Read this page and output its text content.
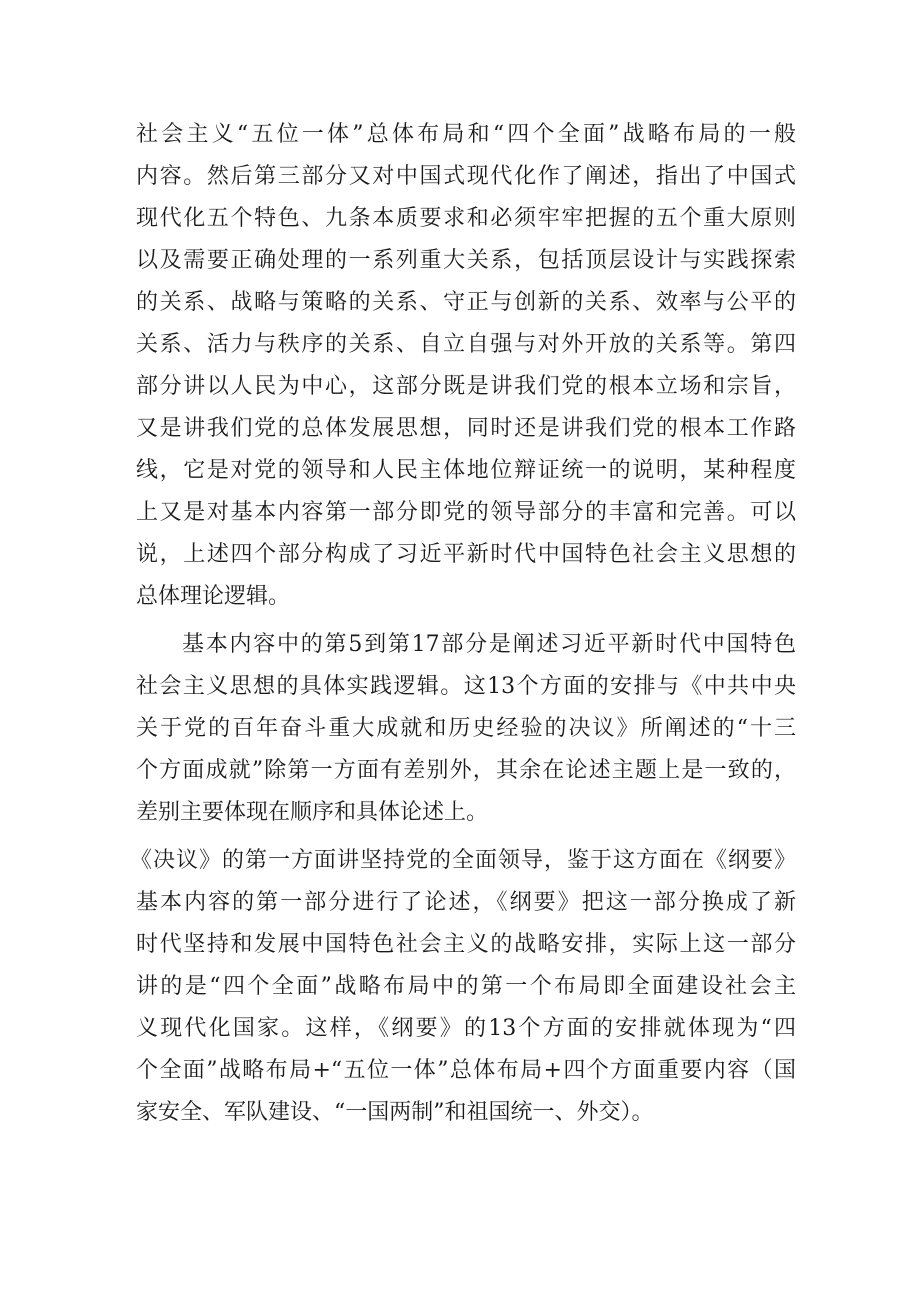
社会主义“五位一体”总体布局和“四个全面”战略布局的一般
内容。然后第三部分又对中国式现代化作了阐述，指出了中国式
现代化五个特色、九条本质要求和必须牢牢把握的五个重大原则
以及需要正确处理的一系列重大关系，包括顶层设计与实践探索
的关系、战略与策略的关系、守正与创新的关系、效率与公平的
关系、活力与秩序的关系、自立自强与对外开放的关系等。第四
部分讲以人民为中心，这部分既是讲我们党的根本立场和宗旨，
又是讲我们党的总体发展思想，同时还是讲我们党的根本工作路
线，它是对党的领导和人民主体地位辩证统一的说明，某种程度
上又是对基本内容第一部分即党的领导部分的丰富和完善。可以
说，上述四个部分构成了习近平新时代中国特色社会主义思想的
总体理论逻辑。
基本内容中的第5到第17部分是阐述习近平新时代中国特色
社会主义思想的具体实践逻辑。这13个方面的安排与《中共中央
关于党的百年奋斗重大成就和历史经验的决议》所阐述的“十三
个方面成就”除第一方面有差别外，其余在论述主题上是一致的，
差别主要体现在顺序和具体论述上。
《决议》的第一方面讲坚持党的全面领导，鉴于这方面在《纲要》
基本内容的第一部分进行了论述，《纲要》把这一部分换成了新
时代坚持和发展中国特色社会主义的战略安排，实际上这一部分
讲的是“四个全面”战略布局中的第一个布局即全面建设社会主
义现代化国家。这样，《纲要》的13个方面的安排就体现为“四
个全面”战略布局+“五位一体”总体布局+四个方面重要内容（国
家安全、军队建设、“一国两制”和祖国统一、外交）。
